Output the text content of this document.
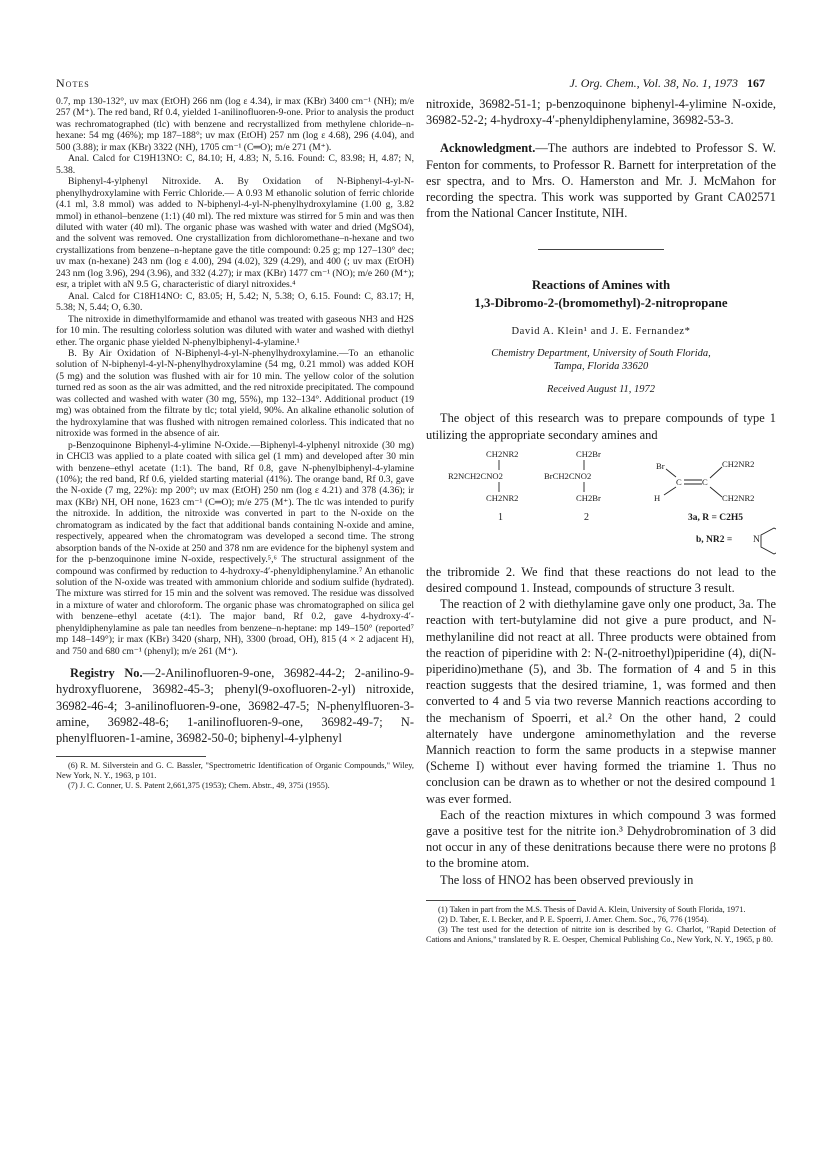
Notes	J. Org. Chem., Vol. 38, No. 1, 1973 167

0.7, mp 130-132°, uv max (EtOH) 266 nm (log ε 4.34), ir max (KBr) 3400 cm⁻¹ (NH); m/e 257 (M⁺). The red band, Rf 0.4, yielded 1-anilinofluoren-9-one. Prior to analysis the product was rechromatographed (tlc) with benzene and recrystallized from methylene chloride–n-hexane: 54 mg (46%); mp 187–188°; uv max (EtOH) 257 nm (log ε 4.68), 296 (4.04), and 500 (3.88); ir max (KBr) 3322 (NH), 1705 cm⁻¹ (C═O); m/e 271 (M⁺).

Anal. Calcd for C19H13NO: C, 84.10; H, 4.83; N, 5.16. Found: C, 83.98; H, 4.87; N, 5.38.

Biphenyl-4-ylphenyl Nitroxide. A. By Oxidation of N-Biphenyl-4-yl-N-phenylhydroxylamine with Ferric Chloride.— A 0.93 M ethanolic solution of ferric chloride (4.1 ml, 3.8 mmol) was added to N-biphenyl-4-yl-N-phenylhydroxylamine (1.00 g, 3.82 mmol) in ethanol–benzene (1:1) (40 ml). The red mixture was stirred for 5 min and was then diluted with water (40 ml). The organic phase was washed with water and dried (MgSO4), and the solvent was removed. One crystallization from dichloromethane–n-hexane and two crystallizations from benzene–n-heptane gave the title compound: 0.25 g; mp 127–130° dec; uv max (n-hexane) 243 nm (log ε 4.00), 294 (4.02), 329 (4.29), and 400 (; uv max (EtOH) 243 nm (log 3.96), 294 (3.96), and 332 (4.27); ir max (KBr) 1477 cm⁻¹ (NO); m/e 260 (M⁺); esr, a triplet with aN 9.5 G, characteristic of diaryl nitroxides.⁴

Anal. Calcd for C18H14NO: C, 83.05; H, 5.42; N, 5.38; O, 6.15. Found: C, 83.17; H, 5.38; N, 5.44; O, 6.30.

The nitroxide in dimethylformamide and ethanol was treated with gaseous NH3 and H2S for 10 min. The resulting colorless solution was diluted with water and washed with diethyl ether. The organic phase yielded N-phenylbiphenyl-4-ylamine.¹

B. By Air Oxidation of N-Biphenyl-4-yl-N-phenylhydroxylamine.—To an ethanolic solution of N-biphenyl-4-yl-N-phenylhydroxylamine (54 mg, 0.21 mmol) was added KOH (5 mg) and the solution was flushed with air for 10 min. The yellow color of the solution turned red as soon as the air was admitted, and the red nitroxide precipitated. The compound was collected and washed with water (30 mg, 55%), mp 132–134°. Additional product (19 mg) was obtained from the filtrate by tlc; total yield, 90%. An alkaline ethanolic solution of the hydroxylamine that was flushed with nitrogen remained colorless. This indicated that no nitroxide was formed in the absence of air.

p-Benzoquinone Biphenyl-4-ylimine N-Oxide.—Biphenyl-4-ylphenyl nitroxide (30 mg) in CHCl3 was applied to a plate coated with silica gel (1 mm) and developed after 30 min with benzene–ethyl acetate (1:1). The band, Rf 0.8, gave N-phenylbiphenyl-4-ylamine (10%); the red band, Rf 0.6, yielded starting material (41%). The orange band, Rf 0.3, gave the N-oxide (7 mg, 22%): mp 200°; uv max (EtOH) 250 nm (log ε 4.21) and 378 (4.36); ir max (KBr) NH, OH none, 1623 cm⁻¹ (C═O); m/e 275 (M⁺). The tlc was intended to purify the nitroxide. In addition, the nitroxide was converted in part to the N-oxide on the chromatogram as indicated by the fact that additional bands containing N-oxide and amine, respectively, appeared when the chromatogram was developed a second time. The strong absorption bands of the N-oxide at 250 and 378 nm are evidence for the biphenyl system and for the p-benzoquinone imine N-oxide, respectively.⁵,⁶ The structural assignment of the compound was confirmed by reduction to 4-hydroxy-4′-phenyldiphenylamine.⁷ An ethanolic solution of the N-oxide was treated with ammonium chloride and sodium sulfide (hydrated). The mixture was stirred for 15 min and the solvent was removed. The residue was dissolved in a mixture of water and chloroform. The organic phase was chromatographed on silica gel with benzene–ethyl acetate (4:1). The major band, Rf 0.2, gave 4-hydroxy-4′-phenyldiphenylamine as pale tan needles from benzene–n-heptane: mp 149–150° (reported⁷ mp 148–149°); ir max (KBr) 3420 (sharp, NH), 3300 (broad, OH), 815 (4 × 2 adjacent H), and 750 and 680 cm⁻¹ (phenyl); m/e 261 (M⁺).

Registry No.—2-Anilinofluoren-9-one, 36982-44-2; 2-anilino-9-hydroxyfluorene, 36982-45-3; phenyl(9-oxofluoren-2-yl) nitroxide, 36982-46-4; 3-anilinofluoren-9-one, 36982-47-5; N-phenylfluoren-3-amine, 36982-48-6; 1-anilinofluoren-9-one, 36982-49-7; N-phenylfluoren-1-amine, 36982-50-0; biphenyl-4-ylphenyl

(6) R. M. Silverstein and G. C. Bassler, "Spectrometric Identification of Organic Compounds," Wiley, New York, N. Y., 1963, p 101.

(7) J. C. Conner, U. S. Patent 2,661,375 (1953); Chem. Abstr., 49, 375i (1955).

nitroxide, 36982-51-1; p-benzoquinone biphenyl-4-ylimine N-oxide, 36982-52-2; 4-hydroxy-4′-phenyldiphenylamine, 36982-53-3.

Acknowledgment.—The authors are indebted to Professor S. W. Fenton for comments, to Professor R. Barnett for interpretation of the esr spectra, and to Mrs. O. Hamerston and Mr. J. McMahon for recording the spectra. This work was supported by Grant CA02571 from the National Cancer Institute, NIH.

Reactions of Amines with

1,3-Dibromo-2-(bromomethyl)-2-nitropropane

David A. Klein¹ and J. E. Fernandez*

Chemistry Department, University of South Florida,

Tampa, Florida 33620

Received August 11, 1972

The object of this research was to prepare compounds of type 1 utilizing the appropriate secondary amines and

CH2NR2
R2NCH2CNO2
CH2NR2
1
CH2Br
BrCH2CNO2
CH2Br
2
Br
H
C C
CH2NR2
CH2NR2
3a, R = C2H5
b, NR2 = N

the tribromide 2. We find that these reactions do not lead to the desired compound 1. Instead, compounds of structure 3 result.

The reaction of 2 with diethylamine gave only one product, 3a. The reaction with tert-butylamine did not give a pure product, and N-methylaniline did not react at all. Three products were obtained from the reaction of piperidine with 2: N-(2-nitroethyl)piperidine (4), di(N-piperidino)methane (5), and 3b. The formation of 4 and 5 in this reaction suggests that the desired triamine, 1, was formed and then converted to 4 and 5 via two reverse Mannich reactions according to the mechanism of Spoerri, et al.² On the other hand, 2 could alternately have undergone aminomethylation and the reverse Mannich reaction to form the same products in a stepwise manner (Scheme I) without ever having formed the triamine 1. Thus no conclusion can be drawn as to whether or not the desired compound 1 was ever formed.

Each of the reaction mixtures in which compound 3 was formed gave a positive test for the nitrite ion.³ Dehydrobromination of 3 did not occur in any of these denitrations because there were no protons β to the bromine atom.

The loss of HNO2 has been observed previously in

(1) Taken in part from the M.S. Thesis of David A. Klein, University of South Florida, 1971.

(2) D. Taber, E. I. Becker, and P. E. Spoerri, J. Amer. Chem. Soc., 76, 776 (1954).

(3) The test used for the detection of nitrite ion is described by G. Charlot, "Rapid Detection of Cations and Anions," translated by R. E. Oesper, Chemical Publishing Co., New York, N. Y., 1965, p 80.
